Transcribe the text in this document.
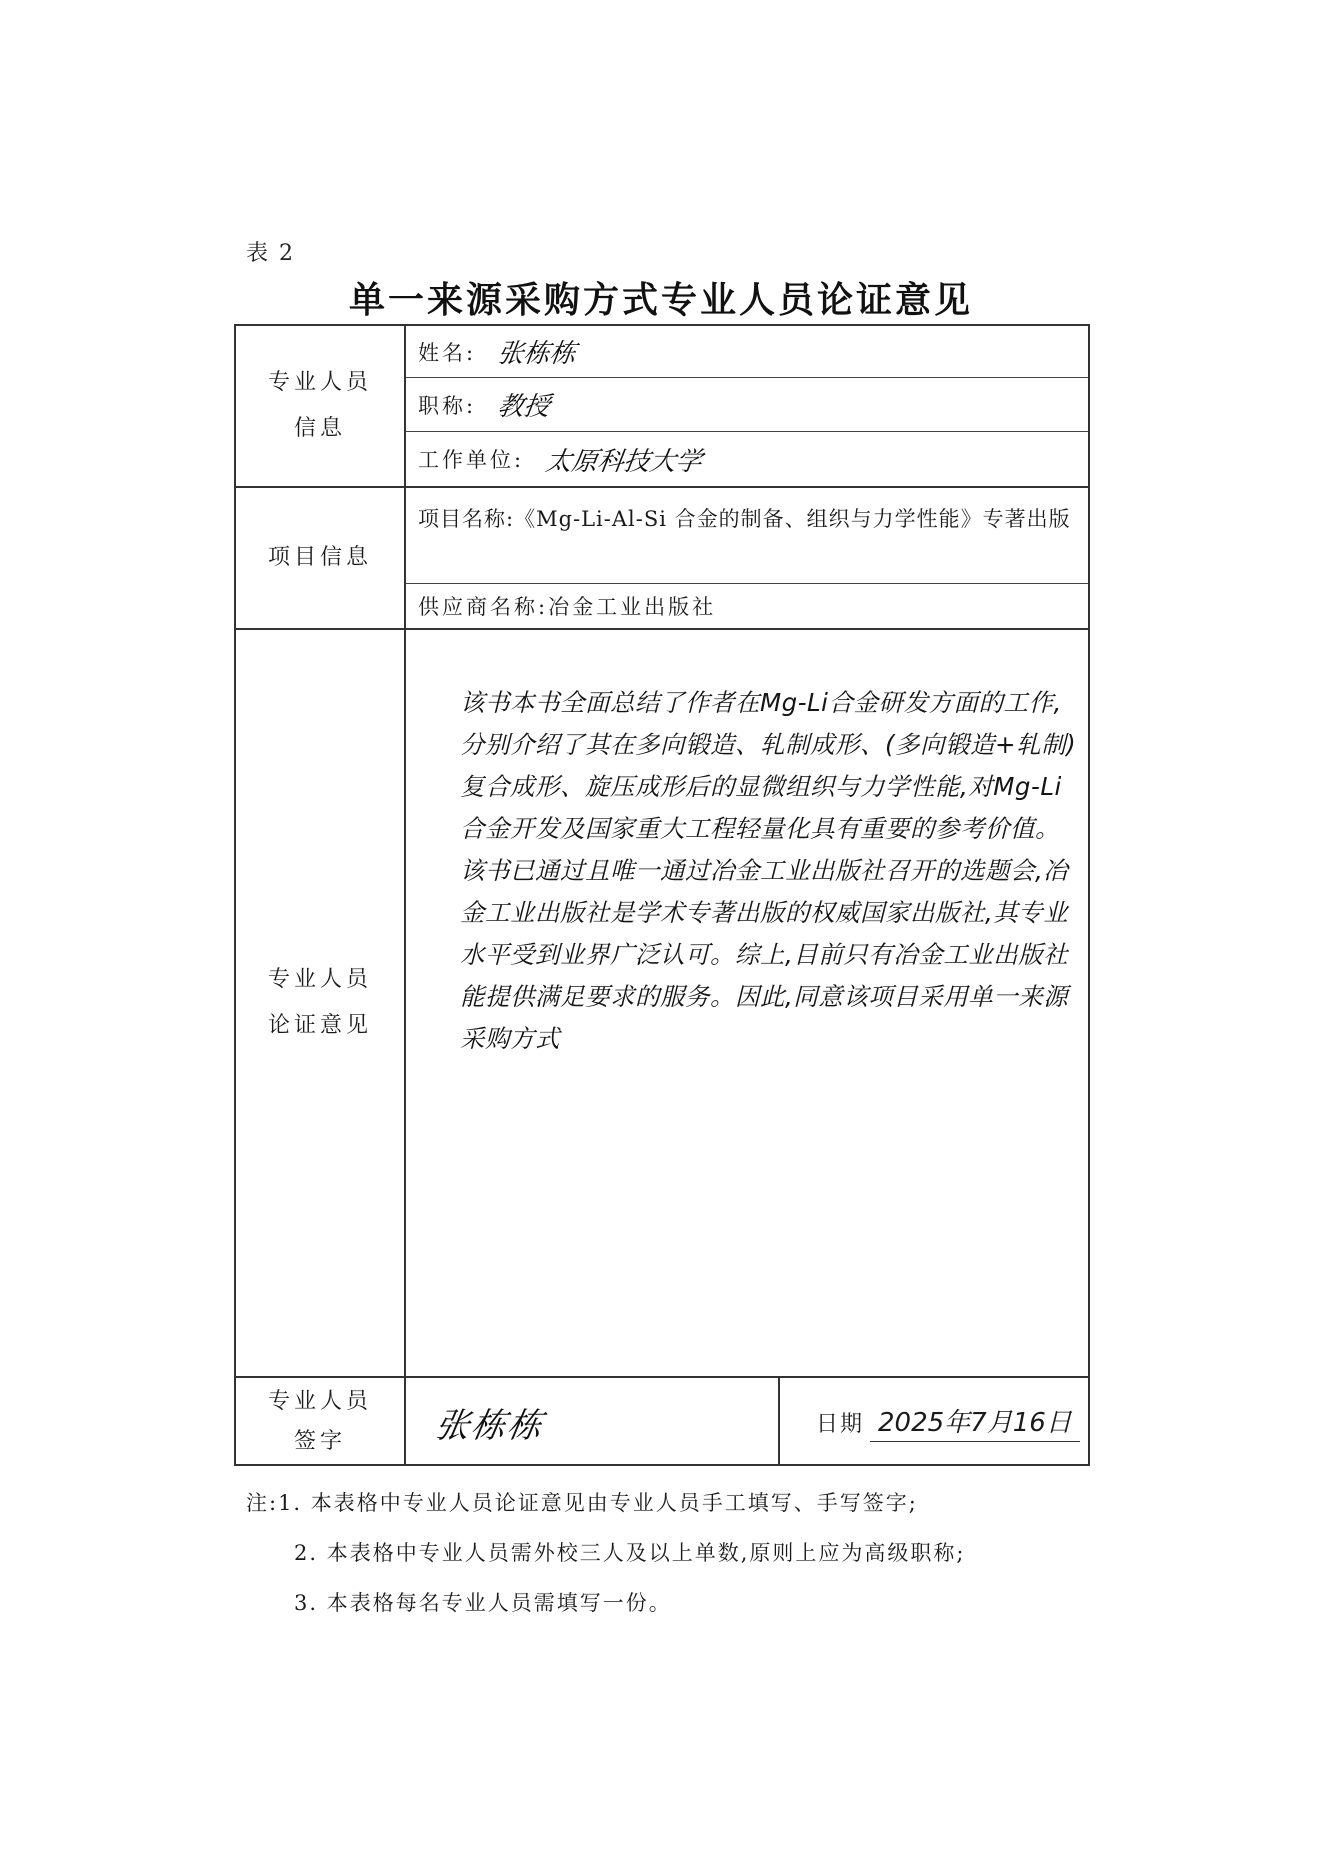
表 2
单一来源采购方式专业人员论证意见
专业人员
信息
姓名: 张栋栋
职称: 教授
工作单位: 太原科技大学
项目信息
项目名称:《Mg-Li-Al-Si 合金的制备、组织与力学性能》专著出版
供应商名称:冶金工业出版社
专业人员
论证意见
该书本书全面总结了作者在Mg-Li合金研发方面的工作,分别介绍了其在多向锻造、轧制成形、(多向锻造+轧制)复合成形、旋压成形后的显微组织与力学性能,对Mg-Li合金开发及国家重大工程轻量化具有重要的参考价值。该书已通过且唯一通过冶金工业出版社召开的选题会,冶金工业出版社是学术专著出版的权威国家出版社,其专业水平受到业界广泛认可。综上,目前只有冶金工业出版社能提供满足要求的服务。因此,同意该项目采用单一来源采购方式
专业人员
签字	张栋栋	日期 2025年7月16日
注:1. 本表格中专业人员论证意见由专业人员手工填写、手写签字;
2. 本表格中专业人员需外校三人及以上单数,原则上应为高级职称;
3. 本表格每名专业人员需填写一份。
